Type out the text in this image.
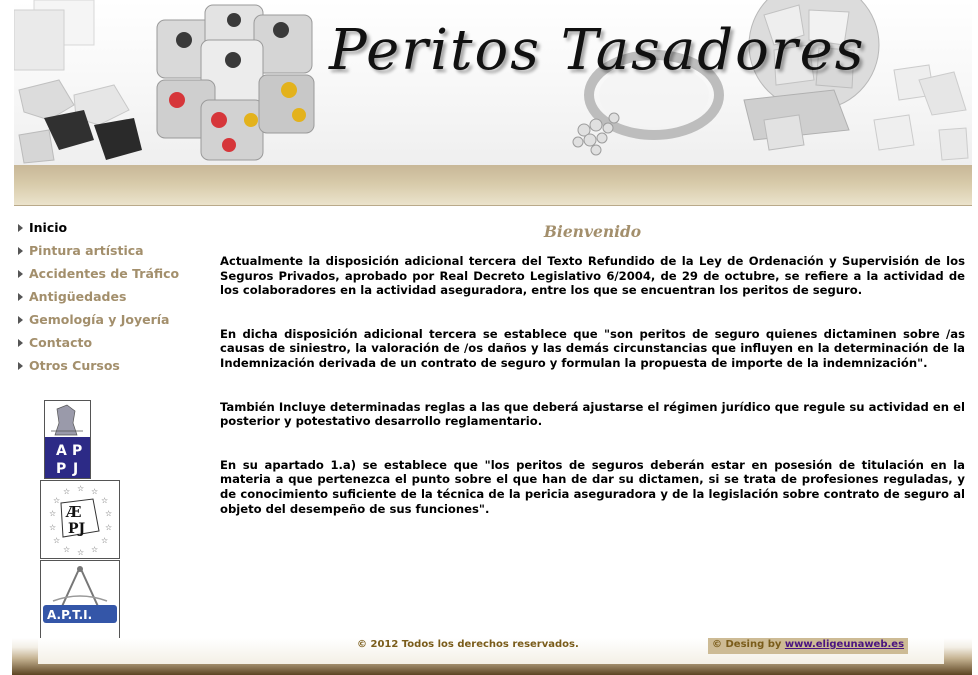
Peritos Tasadores
Inicio
Pintura artística
Accidentes de Tráfico
Antigüedades
Gemología y Joyería
Contacto
Otros Cursos
A P
P J
☆ ☆
☆
☆
☆
☆
☆
☆
☆
☆
☆
☆
☆
☆
Æ
PJ
A.P.T.I.
Bienvenido

Actualmente la disposición adicional tercera del Texto Refundido de la Ley de Ordenación y Supervisión de los Seguros Privados, aprobado por Real Decreto Legislativo 6/2004, de 29 de octubre, se refiere a la actividad de los colaboradores en la actividad aseguradora, entre los que se encuentran los peritos de seguro.

En dicha disposición adicional tercera se establece que "son peritos de seguro quienes dictaminen sobre /as causas de siniestro, la valoración de /os daños y las demás circunstancias que influyen en la determinación de la Indemnización derivada de un contrato de seguro y formulan la propuesta de importe de la indemnización".

También Incluye determinadas reglas a las que deberá ajustarse el régimen jurídico que regule su actividad en el posterior y potestativo desarrollo reglamentario.

En su apartado 1.a) se establece que "los peritos de seguros deberán estar en posesión de titulación en la materia a que pertenezca el punto sobre el que han de dar su dictamen, si se trata de profesiones reguladas, y de conocimiento suficiente de la técnica de la pericia aseguradora y de la legislación sobre contrato de seguro al objeto del desempeño de sus funciones".

© 2012 Todos los derechos reservados.	© Desing by www.eligeunaweb.es
